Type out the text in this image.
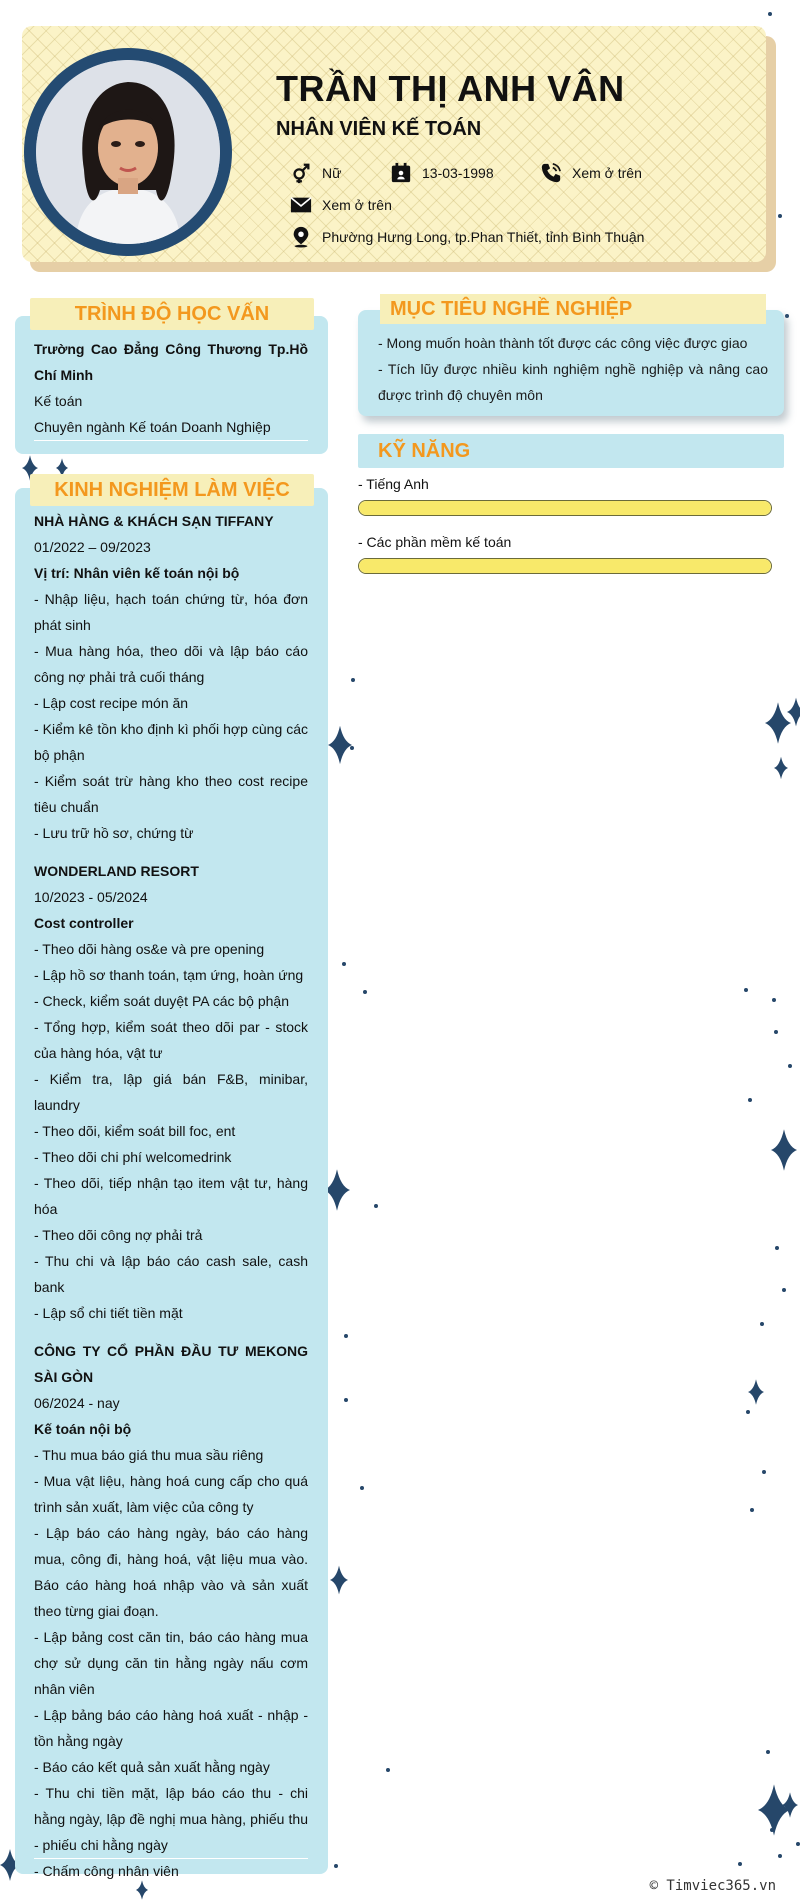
TRẦN THỊ ANH VÂN
NHÂN VIÊN KẾ TOÁN
Nữ	13-03-1998	Xem ở trên
Xem ở trên
Phường Hưng Long, tp.Phan Thiết, tỉnh Bình Thuận
TRÌNH ĐỘ HỌC VẤN

Trường Cao Đẳng Công Thương Tp.Hồ Chí Minh

Kế toán

Chuyên ngành Kế toán Doanh Nghiệp

KINH NGHIỆM LÀM VIỆC

NHÀ HÀNG & KHÁCH SẠN TIFFANY

01/2022 – 09/2023

Vị trí: Nhân viên kế toán nội bộ

- Nhập liệu, hạch toán chứng từ, hóa đơn phát sinh

- Mua hàng hóa, theo dõi và lập báo cáo công nợ phải trả cuối tháng

- Lập cost recipe món ăn

- Kiểm kê tồn kho định kì phối hợp cùng các bộ phận

- Kiểm soát trừ hàng kho theo cost recipe tiêu chuẩn

- Lưu trữ hồ sơ, chứng từ

WONDERLAND RESORT

10/2023 - 05/2024

Cost controller

- Theo dõi hàng os&e và pre opening

- Lập hồ sơ thanh toán, tạm ứng, hoàn ứng

- Check, kiểm soát duyệt PA các bộ phận

- Tổng hợp, kiểm soát theo dõi par - stock của hàng hóa, vật tư

- Kiểm tra, lập giá bán F&B, minibar, laundry

- Theo dõi, kiểm soát bill foc, ent

- Theo dõi chi phí welcomedrink

- Theo dõi, tiếp nhận tạo item vật tư, hàng hóa

- Theo dõi công nợ phải trả

- Thu chi và lập báo cáo cash sale, cash bank

- Lập sổ chi tiết tiền mặt

CÔNG TY CỔ PHẦN ĐẦU TƯ MEKONG SÀI GÒN

06/2024 - nay

Kế toán nội bộ

- Thu mua báo giá thu mua sầu riêng

- Mua vật liệu, hàng hoá cung cấp cho quá trình sản xuất, làm việc của công ty

- Lập báo cáo hàng ngày, báo cáo hàng mua, công đi, hàng hoá, vật liệu mua vào. Báo cáo hàng hoá nhập vào và sản xuất theo từng giai đoạn.

- Lập bảng cost căn tin, báo cáo hàng mua chợ sử dụng căn tin hằng ngày nấu cơm nhân viên

- Lập bảng báo cáo hàng hoá xuất - nhập - tồn hằng ngày

- Báo cáo kết quả sản xuất hằng ngày

- Thu chi tiền mặt, lập báo cáo thu - chi hằng ngày, lập đề nghị mua hàng, phiếu thu - phiếu chi hằng ngày

- Chấm công nhân viên

MỤC TIÊU NGHỀ NGHIỆP

- Mong muốn hoàn thành tốt được các công việc được giao

- Tích lũy được nhiều kinh nghiệm nghề nghiệp và nâng cao được trình độ chuyên môn

KỸ NĂNG
- Tiếng Anh
- Các phần mềm kế toán
© Timviec365.vn
